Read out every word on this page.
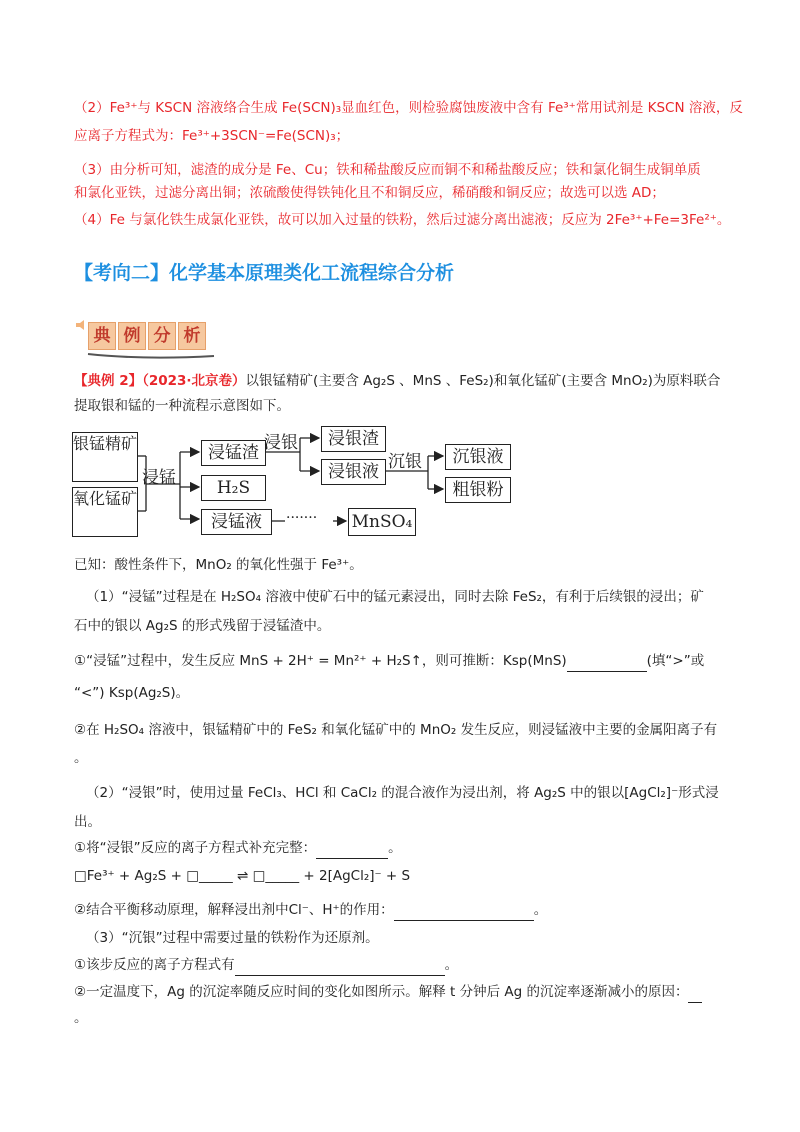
（2）Fe³⁺与 KSCN 溶液络合生成 Fe(SCN)₃显血红色，则检验腐蚀废液中含有 Fe³⁺常用试剂是 KSCN 溶液，反
应离子方程式为：Fe³⁺+3SCN⁻=Fe(SCN)₃；
（3）由分析可知，滤渣的成分是 Fe、Cu；铁和稀盐酸反应而铜不和稀盐酸反应；铁和氯化铜生成铜单质
和氯化亚铁，过滤分离出铜；浓硫酸使得铁钝化且不和铜反应，稀硝酸和铜反应；故选可以选 AD；
（4）Fe 与氯化铁生成氯化亚铁，故可以加入过量的铁粉，然后过滤分离出滤液；反应为 2Fe³⁺+Fe=3Fe²⁺。
【考向二】化学基本原理类化工流程综合分析
典 例 分 析
【典例 2】（2023·北京卷）以银锰精矿(主要含 Ag₂S 、MnS 、FeS₂)和氧化锰矿(主要含 MnO₂)为原料联合
提取银和锰的一种流程示意图如下。
银锰精矿
氧化锰矿
浸锰
浸锰渣
H₂S
浸锰液
浸银	浸银渣
浸银液 沉银	沉银液
粗银粉
······· MnSO₄
已知：酸性条件下，MnO₂ 的氧化性强于 Fe³⁺。
（1）“浸锰”过程是在 H₂SO₄ 溶液中使矿石中的锰元素浸出，同时去除 FeS₂，有利于后续银的浸出；矿
石中的银以 Ag₂S 的形式残留于浸锰渣中。
①“浸锰”过程中，发生反应 MnS + 2H⁺ = Mn²⁺ + H₂S↑，则可推断：Ksp(MnS)	(填“>”或
“<”) Ksp(Ag₂S)。
②在 H₂SO₄ 溶液中，银锰精矿中的 FeS₂ 和氧化锰矿中的 MnO₂ 发生反应，则浸锰液中主要的金属阳离子有
。
（2）“浸银”时，使用过量 FeCl₃、HCl 和 CaCl₂ 的混合液作为浸出剂，将 Ag₂S 中的银以[AgCl₂]⁻形式浸
出。
①将“浸银”反应的离子方程式补充完整：	。
□Fe³⁺ + Ag₂S + □_____ ⇌ □_____ + 2[AgCl₂]⁻ + S
②结合平衡移动原理，解释浸出剂中Cl⁻、H⁺的作用：	。
（3）“沉银”过程中需要过量的铁粉作为还原剂。
①该步反应的离子方程式有	。
②一定温度下，Ag 的沉淀率随反应时间的变化如图所示。解释 t 分钟后 Ag 的沉淀率逐渐减小的原因：
。
